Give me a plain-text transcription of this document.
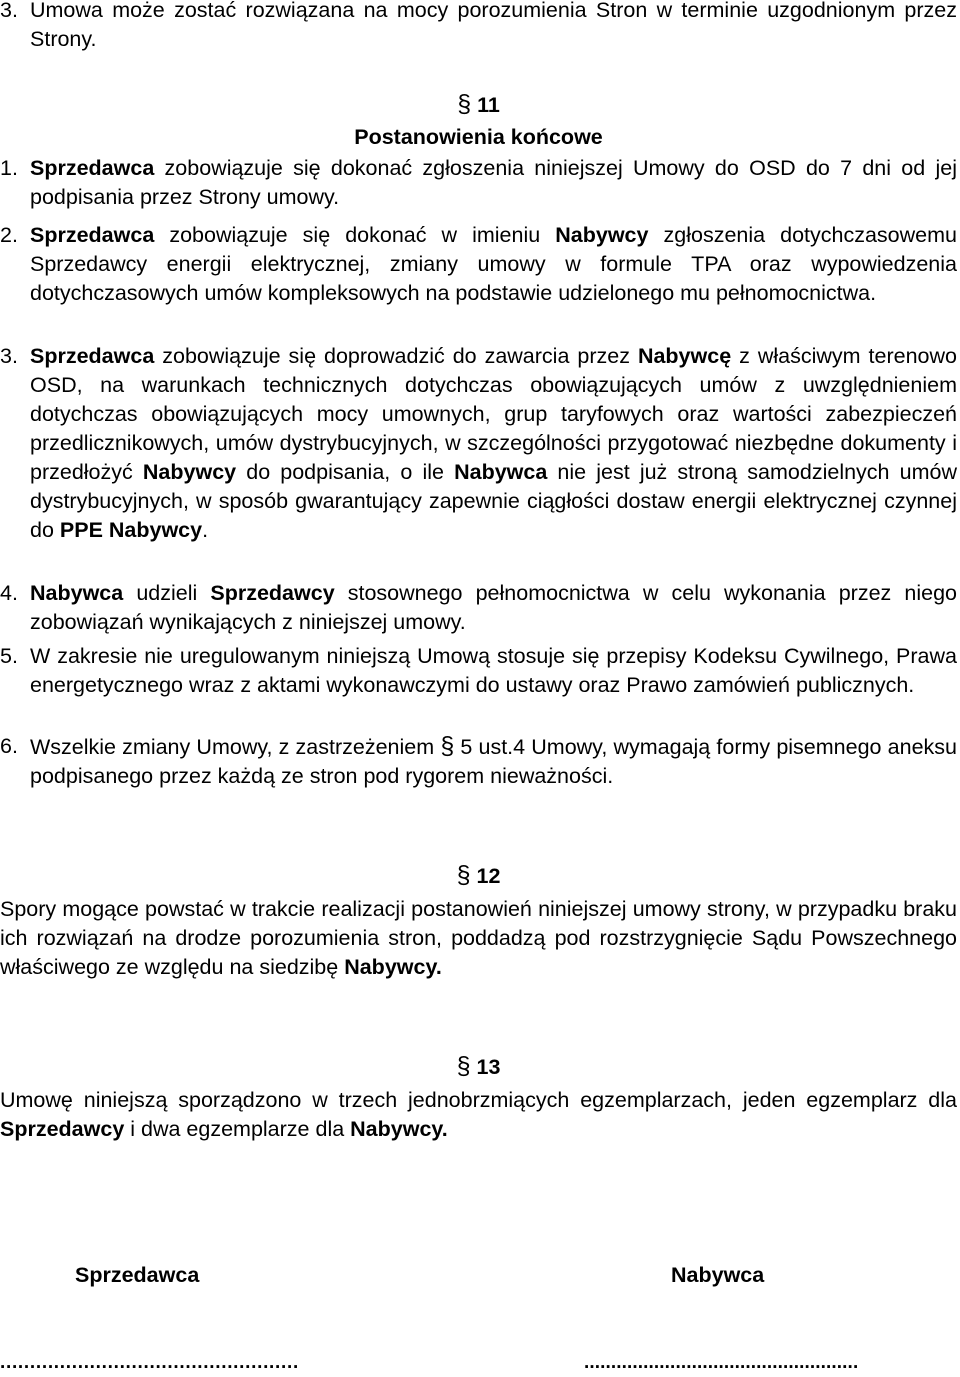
3. Umowa może zostać rozwiązana na mocy porozumienia Stron w terminie uzgodnionym przez Strony.
§ 11
Postanowienia końcowe
1. Sprzedawca zobowiązuje się dokonać zgłoszenia niniejszej Umowy do OSD do 7 dni od jej podpisania przez Strony umowy.
2. Sprzedawca zobowiązuje się dokonać w imieniu Nabywcy zgłoszenia dotychczasowemu Sprzedawcy energii elektrycznej, zmiany umowy w formule TPA oraz wypowiedzenia dotychczasowych umów kompleksowych na podstawie udzielonego mu pełnomocnictwa.
3. Sprzedawca zobowiązuje się doprowadzić do zawarcia przez Nabywcę z właściwym terenowo OSD, na warunkach technicznych dotychczas obowiązujących umów z uwzględnieniem dotychczas obowiązujących mocy umownych, grup taryfowych oraz wartości zabezpieczeń przedlicznikowych, umów dystrybucyjnych, w szczególności przygotować niezbędne dokumenty i przedłożyć Nabywcy do podpisania, o ile Nabywca nie jest już stroną samodzielnych umów dystrybucyjnych, w sposób gwarantujący zapewnie ciągłości dostaw energii elektrycznej czynnej do PPE Nabywcy.
4. Nabywca udzieli Sprzedawcy stosownego pełnomocnictwa w celu wykonania przez niego zobowiązań wynikających z niniejszej umowy.
5. W zakresie nie uregulowanym niniejszą Umową stosuje się przepisy Kodeksu Cywilnego, Prawa energetycznego wraz z aktami wykonawczymi do ustawy oraz Prawo zamówień publicznych.
6. Wszelkie zmiany Umowy, z zastrzeżeniem § 5 ust.4 Umowy, wymagają formy pisemnego aneksu podpisanego przez każdą ze stron pod rygorem nieważności.
§ 12
Spory mogące powstać w trakcie realizacji postanowień niniejszej umowy strony, w przypadku braku ich rozwiązań na drodze porozumienia stron, poddadzą pod rozstrzygnięcie Sądu Powszechnego właściwego ze względu na siedzibę Nabywcy.
§ 13
Umowę niniejszą sporządzono w trzech jednobrzmiących egzemplarzach, jeden egzemplarz dla Sprzedawcy i dwa egzemplarze dla Nabywcy.
Sprzedawca	Nabywca
..................................................	...................................................
